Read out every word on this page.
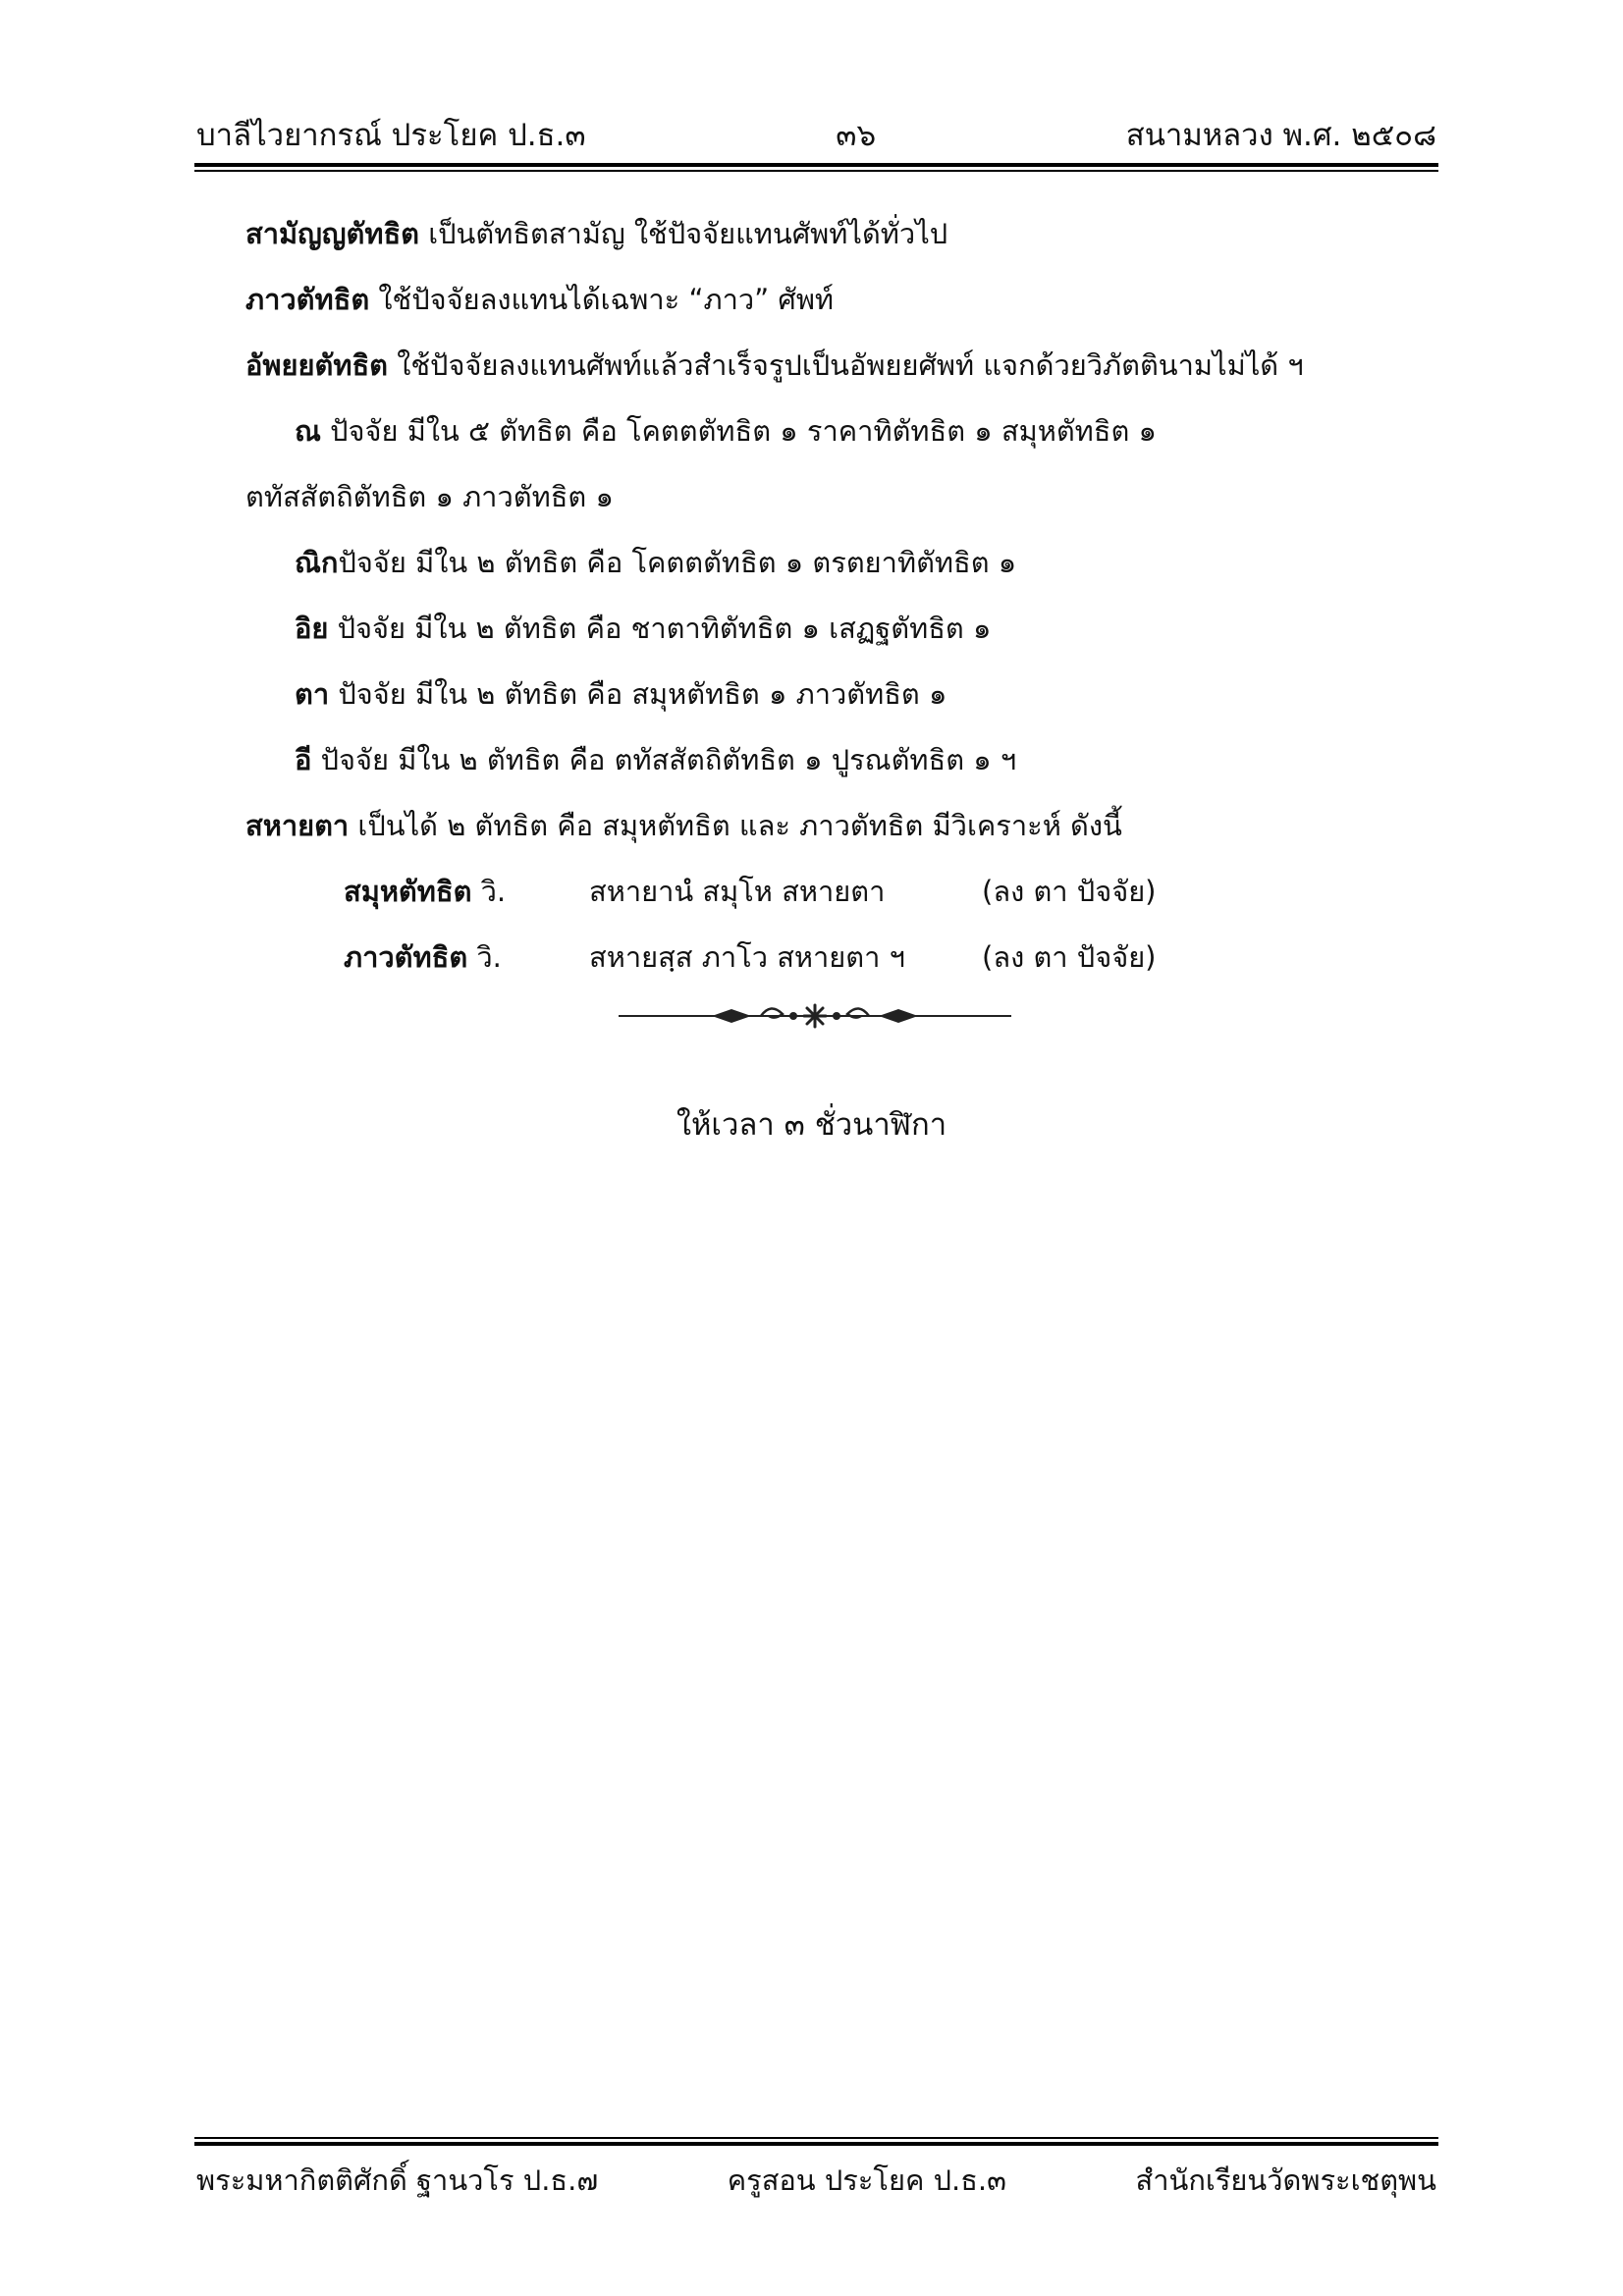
บาลีไวยากรณ์ ประโยค ป.ธ.๓	๓๖	สนามหลวง พ.ศ. ๒๕๐๘
สามัญญตัทธิต เป็นตัทธิตสามัญ ใช้ปัจจัยแทนศัพท์ได้ทั่วไป
ภาวตัทธิต ใช้ปัจจัยลงแทนได้เฉพาะ “ภาว” ศัพท์
อัพยยตัทธิต ใช้ปัจจัยลงแทนศัพท์แล้วสำเร็จรูปเป็นอัพยยศัพท์ แจกด้วยวิภัตตินามไม่ได้ ฯ
ณ ปัจจัย มีใน ๕ ตัทธิต คือ โคตตตัทธิต ๑ ราคาทิตัทธิต ๑ สมุหตัทธิต ๑
ตทัสสัตถิตัทธิต ๑ ภาวตัทธิต ๑
ณิกปัจจัย มีใน ๒ ตัทธิต คือ โคตตตัทธิต ๑ ตรตยาทิตัทธิต ๑
อิย ปัจจัย มีใน ๒ ตัทธิต คือ ชาตาทิตัทธิต ๑ เสฏฐตัทธิต ๑
ตา ปัจจัย มีใน ๒ ตัทธิต คือ สมุหตัทธิต ๑ ภาวตัทธิต ๑
อี ปัจจัย มีใน ๒ ตัทธิต คือ ตทัสสัตถิตัทธิต ๑ ปูรณตัทธิต ๑ ฯ
สหายตา เป็นได้ ๒ ตัทธิต คือ สมุหตัทธิต และ ภาวตัทธิต มีวิเคราะห์ ดังนี้
สมุหตัทธิต วิ.	สหายานํ สมุโห สหายตา	(ลง ตา ปัจจัย)
ภาวตัทธิต วิ.	สหายสฺส ภาโว สหายตา ฯ	(ลง ตา ปัจจัย)
ให้เวลา ๓ ชั่วนาฬิกา
พระมหากิตติศักดิ์ ฐานวโร ป.ธ.๗	ครูสอน ประโยค ป.ธ.๓	สำนักเรียนวัดพระเชตุพน
